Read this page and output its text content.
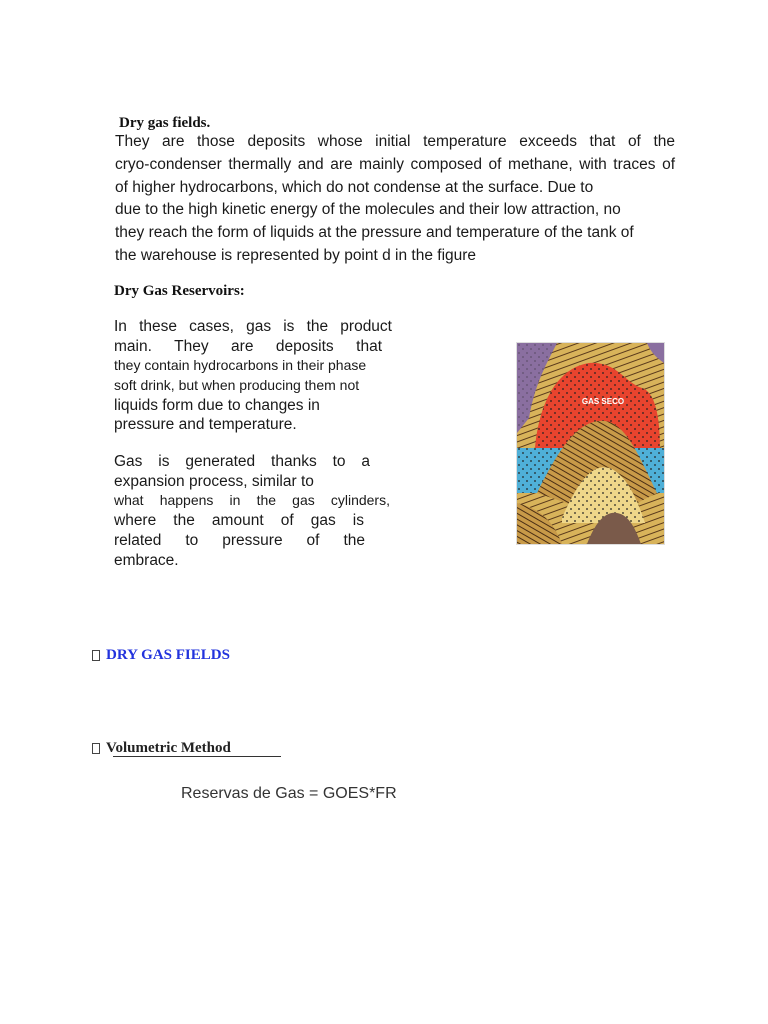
Dry gas fields.
They are those deposits whose initial temperature exceeds that of the
cryo-condenser thermally and are mainly composed of methane, with traces of
of higher hydrocarbons, which do not condense at the surface. Due to
due to the high kinetic energy of the molecules and their low attraction, no
they reach the form of liquids at the pressure and temperature of the tank of
the warehouse is represented by point d in the figure
Dry Gas Reservoirs:
In these cases, gas is the product
main. They are deposits that
they contain hydrocarbons in their phase
soft drink, but when producing them not
liquids form due to changes in
pressure and temperature.
Gas is generated thanks to a
expansion process, similar to
what happens in the gas cylinders,
where the amount of gas is
related to pressure of the
embrace.
GAS SECO
DRY GAS FIELDS
Volumetric Method
Reservas de Gas = GOES*FR
